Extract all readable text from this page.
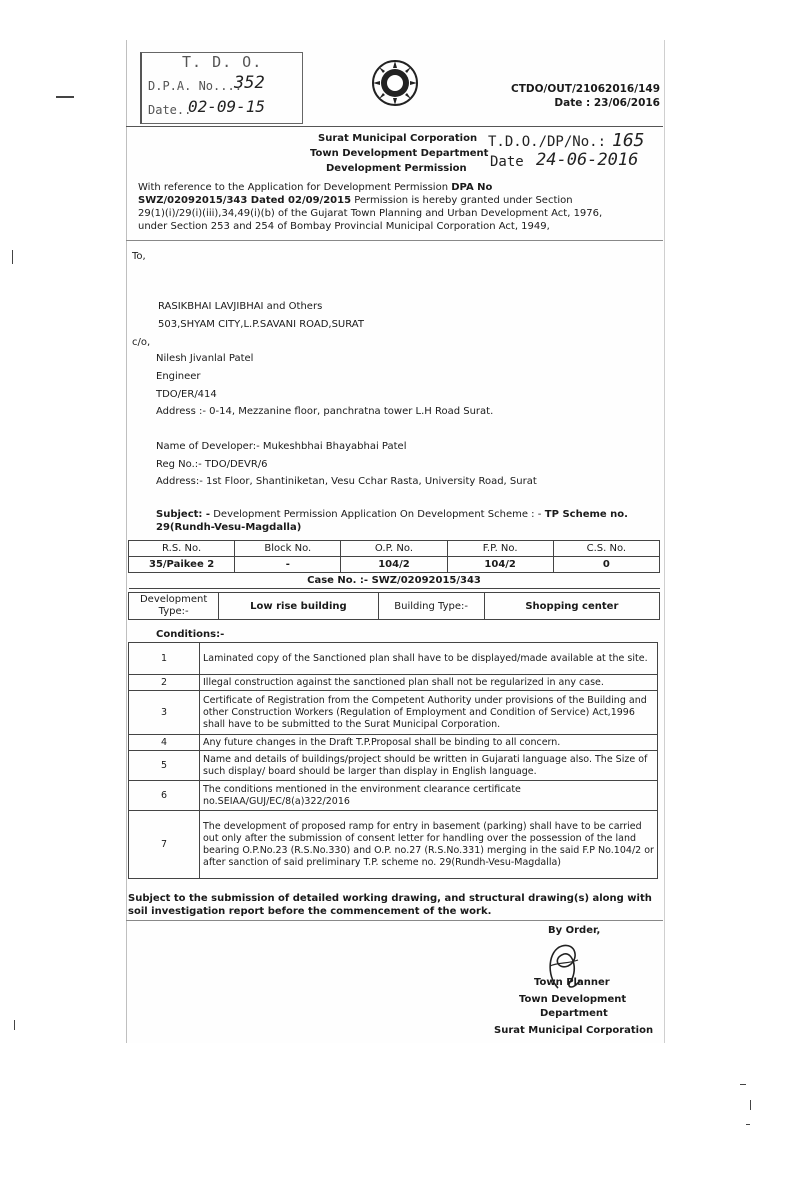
T. D. O.
D.P.A. No....
352
Date..
02-09-15
CTDO/OUT/21062016/149
Date : 23/06/2016
Surat Municipal Corporation
Town Development Department
Development Permission
T.D.O./DP/No.: 165
Date 24-06-2016
With reference to the Application for Development Permission DPA No
SWZ/02092015/343 Dated 02/09/2015 Permission is hereby granted under Section
29(1)(i)/29(i)(iii),34,49(i)(b) of the Gujarat Town Planning and Urban Development Act, 1976,
under Section 253 and 254 of Bombay Provincial Municipal Corporation Act, 1949,
To,
RASIKBHAI LAVJIBHAI and Others
503,SHYAM CITY,L.P.SAVANI ROAD,SURAT
c/o,
Nilesh Jivanlal Patel
Engineer
TDO/ER/414
Address :- 0-14, Mezzanine floor, panchratna tower L.H Road Surat.
Name of Developer:- Mukeshbhai Bhayabhai Patel
Reg No.:- TDO/DEVR/6
Address:- 1st Floor, Shantiniketan, Vesu Cchar Rasta, University Road, Surat
Subject: - Development Permission Application On Development Scheme : - TP Scheme no.
29(Rundh-Vesu-Magdalla)
R.S. No.	Block No.	O.P. No.	F.P. No.	C.S. No.
35/Paikee 2	-	104/2	104/2	0
Case No. :- SWZ/02092015/343				
Development Type:-	Low rise building	Building Type:-	Shopping center
Conditions:-
1	Laminated copy of the Sanctioned plan shall have to be displayed/made available at the site.
2	Illegal construction against the sanctioned plan shall not be regularized in any case.
3	Certificate of Registration from the Competent Authority under provisions of the Building and other Construction Workers (Regulation of Employment and Condition of Service) Act,1996 shall have to be submitted to the Surat Municipal Corporation.
4	Any future changes in the Draft T.P.Proposal shall be binding to all concern.
5	Name and details of buildings/project should be written in Gujarati language also. The Size of such display/ board should be larger than display in English language.
6	The conditions mentioned in the environment clearance certificate no.SEIAA/GUJ/EC/8(a)322/2016
7	The development of proposed ramp for entry in basement (parking) shall have to be carried out only after the submission of consent letter for handling over the possession of the land bearing O.P.No.23 (R.S.No.330) and O.P. no.27 (R.S.No.331) merging in the said F.P No.104/2 or after sanction of said preliminary T.P. scheme no. 29(Rundh-Vesu-Magdalla)
Subject to the submission of detailed working drawing, and structural drawing(s) along with soil investigation report before the commencement of the work.
By Order,
Town Planner
Town Development
Department
Surat Municipal Corporation
